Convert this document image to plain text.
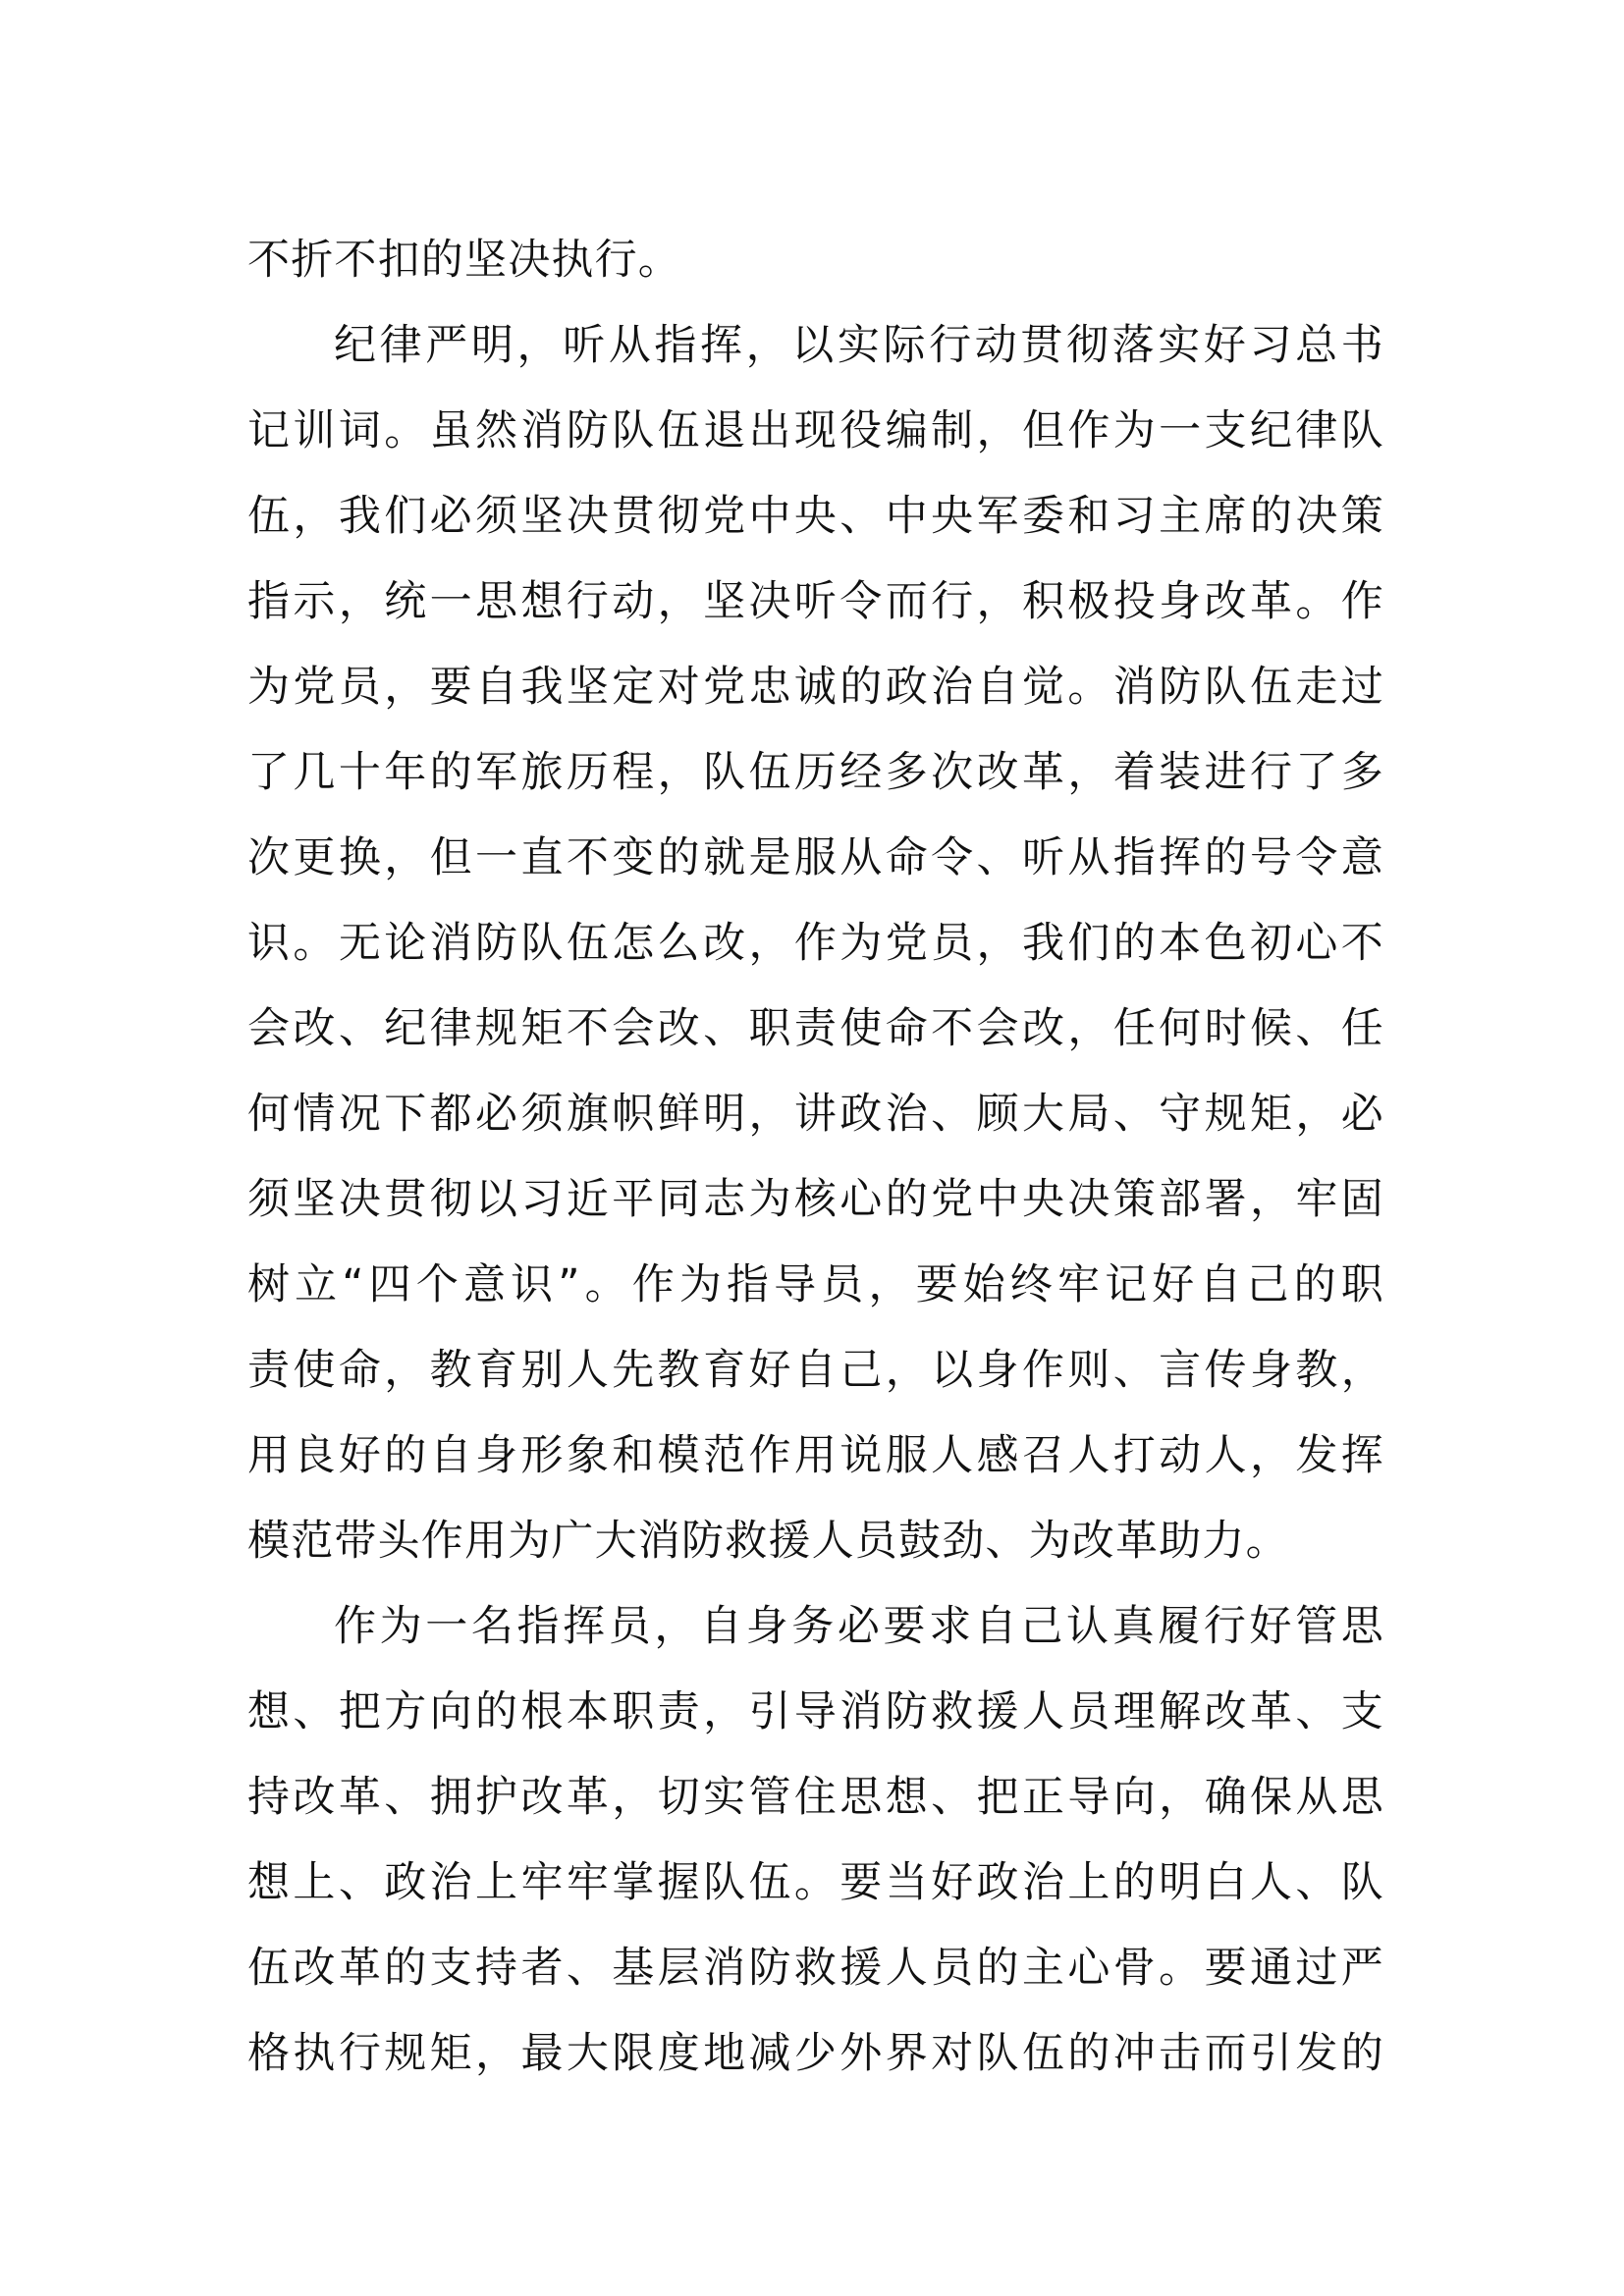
不折不扣的坚决执行。

纪律严明，听从指挥，以实际行动贯彻落实好习总书
记训词。虽然消防队伍退出现役编制，但作为一支纪律队
伍，我们必须坚决贯彻党中央、中央军委和习主席的决策
指示，统一思想行动，坚决听令而行，积极投身改革。作
为党员，要自我坚定对党忠诚的政治自觉。消防队伍走过
了几十年的军旅历程，队伍历经多次改革，着装进行了多
次更换，但一直不变的就是服从命令、听从指挥的号令意
识。无论消防队伍怎么改，作为党员，我们的本色初心不
会改、纪律规矩不会改、职责使命不会改，任何时候、任
何情况下都必须旗帜鲜明，讲政治、顾大局、守规矩，必
须坚决贯彻以习近平同志为核心的党中央决策部署，牢固
树立“四个意识”。作为指导员，要始终牢记好自己的职
责使命，教育别人先教育好自己，以身作则、言传身教，
用良好的自身形象和模范作用说服人感召人打动人，发挥
模范带头作用为广大消防救援人员鼓劲、为改革助力。

作为一名指挥员，自身务必要求自己认真履行好管思
想、把方向的根本职责，引导消防救援人员理解改革、支
持改革、拥护改革，切实管住思想、把正导向，确保从思
想上、政治上牢牢掌握队伍。要当好政治上的明白人、队
伍改革的支持者、基层消防救援人员的主心骨。要通过严
格执行规矩，最大限度地减少外界对队伍的冲击而引发的
